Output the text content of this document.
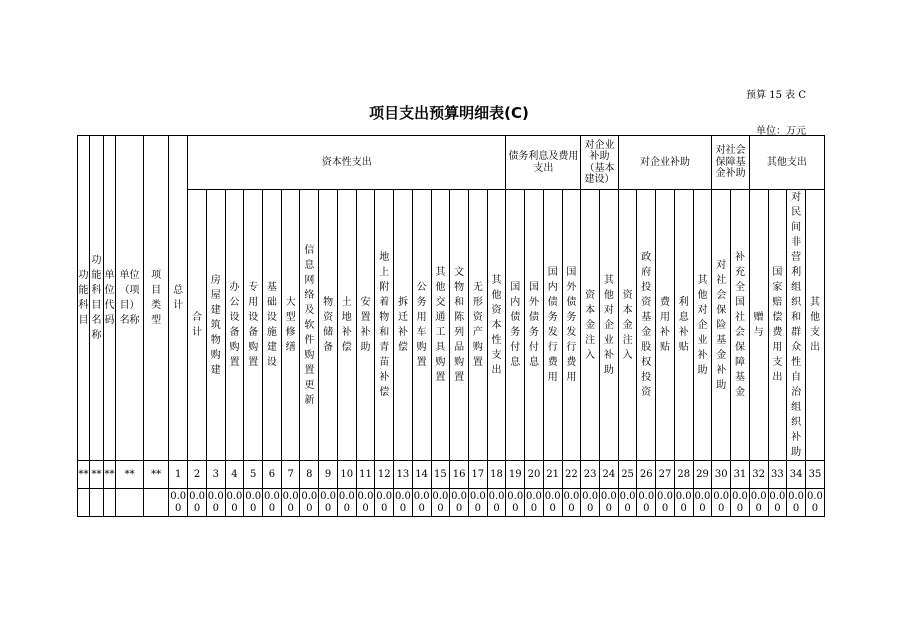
预算 15 表 C
项目支出预算明细表(C)
单位：万元
功能科目	功能科目名称	单位代码	单位（项目）名称	项目类型	总计	资本性支出																	债务利息及费用支出				对企业补助（基本建设）		对企业补助					对社会保障基金补助		其他支出			
						合计	房屋建筑物购建	办公设备购置	专用设备购置	基础设施建设	大型修缮	信息网络及软件购置更新	物资储备	土地补偿	安置补助	地上附着物和青苗补偿	拆迁补偿	公务用车购置	其他交通工具购置	文物和陈列品购置	无形资产购置	其他资本性支出	国内债务付息	国外债务付息	国内债务发行费用	国外债务发行费用	资本金注入	其他对企业补助	资本金注入	政府投资基金股权投资	费用补贴	利息补贴	其他对企业补助	对社会保险基金补助	补充全国社会保障基金	赠与	国家赔偿费用支出	对民间非营利组织和群众性自治组织补助	其他支出
**	**	**	**	**	1	2	3	4	5	6	7	8	9	10	11	12	13	14	15	16	17	18	19	20	21	22	23	24	25	26	27	28	29	30	31	32	33	34	35
					0.00	0.00	0.00	0.00	0.00	0.00	0.00	0.00	0.00	0.00	0.00	0.00	0.00	0.00	0.00	0.00	0.00	0.00	0.00	0.00	0.00	0.00	0.00	0.00	0.00	0.00	0.00	0.00	0.00	0.00	0.00	0.00	0.00	0.00	0.00
